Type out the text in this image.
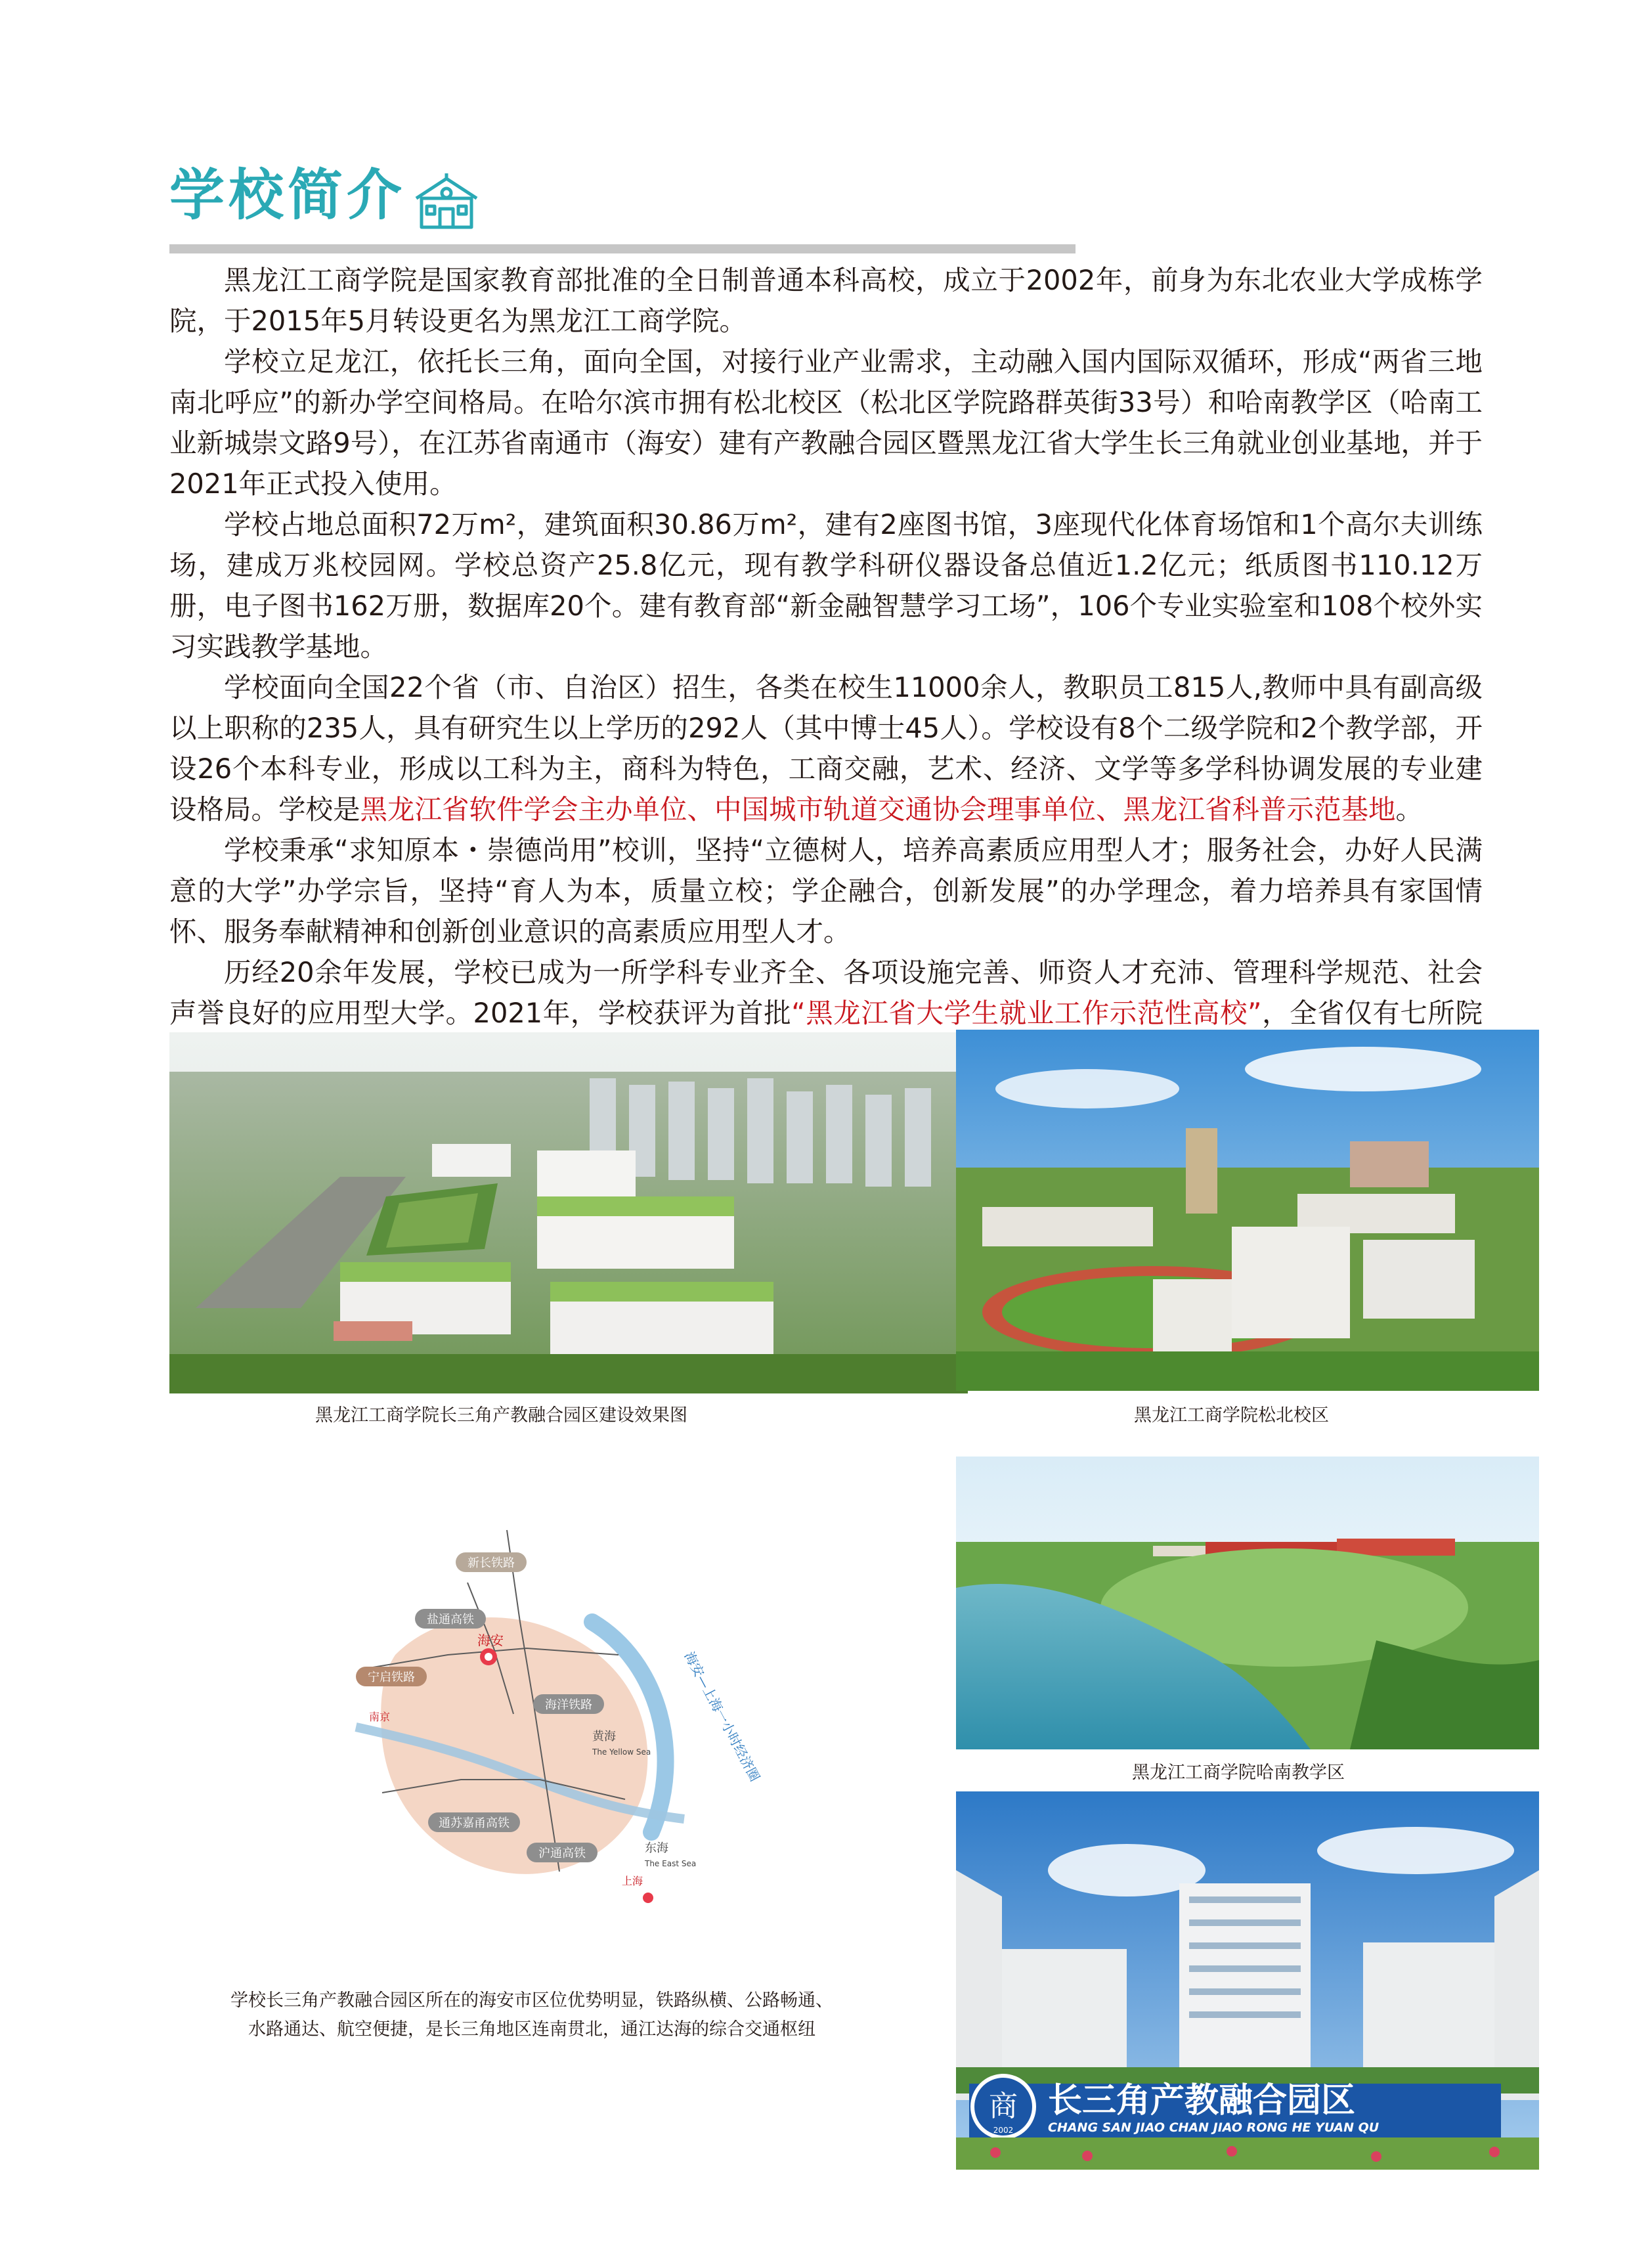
学校简介

黑龙江工商学院是国家教育部批准的全日制普通本科高校，成立于2002年，前身为东北农业大学成栋学院，于2015年5月转设更名为黑龙江工商学院。

学校立足龙江，依托长三角，面向全国，对接行业产业需求，主动融入国内国际双循环，形成“两省三地南北呼应”的新办学空间格局。在哈尔滨市拥有松北校区（松北区学院路群英街33号）和哈南教学区（哈南工业新城崇文路9号），在江苏省南通市（海安）建有产教融合园区暨黑龙江省大学生长三角就业创业基地，并于2021年正式投入使用。

学校占地总面积72万m²，建筑面积30.86万m²，建有2座图书馆，3座现代化体育场馆和1个高尔夫训练场，建成万兆校园网。学校总资产25.8亿元，现有教学科研仪器设备总值近1.2亿元；纸质图书110.12万册，电子图书162万册，数据库20个。建有教育部“新金融智慧学习工场”，106个专业实验室和108个校外实习实践教学基地。

学校面向全国22个省（市、自治区）招生，各类在校生11000余人，教职员工815人,教师中具有副高级以上职称的235人，具有研究生以上学历的292人（其中博士45人）。学校设有8个二级学院和2个教学部，开设26个本科专业，形成以工科为主，商科为特色，工商交融，艺术、经济、文学等多学科协调发展的专业建设格局。学校是黑龙江省软件学会主办单位、中国城市轨道交通协会理事单位、黑龙江省科普示范基地。

学校秉承“求知原本・崇德尚用”校训，坚持“立德树人，培养高素质应用型人才；服务社会，办好人民满意的大学”办学宗旨，坚持“育人为本，质量立校；学企融合，创新发展”的办学理念，着力培养具有家国情怀、服务奉献精神和创新创业意识的高素质应用型人才。

历经20余年发展，学校已成为一所学科专业齐全、各项设施完善、师资人才充沛、管理科学规范、社会声誉良好的应用型大学。2021年，学校获评为首批“黑龙江省大学生就业工作示范性高校”，全省仅有七所院

黑龙江工商学院长三角产教融合园区建设效果图	黑龙江工商学院松北校区
黑龙江工商学院哈南教学区
商
2002
长三角产教融合园区
CHANG SAN JIAO CHAN JIAO RONG HE YUAN QU
海安
上海
南京
新长铁路
盐通高铁
宁启铁路
海洋铁路
通苏嘉甬高铁
沪通高铁
黄海
The Yellow Sea
东海
The East Sea
海安—上海一小时经济圈
学校长三角产教融合园区所在的海安市区位优势明显，铁路纵横、公路畅通、
水路通达、航空便捷，是长三角地区连南贯北，通江达海的综合交通枢纽
